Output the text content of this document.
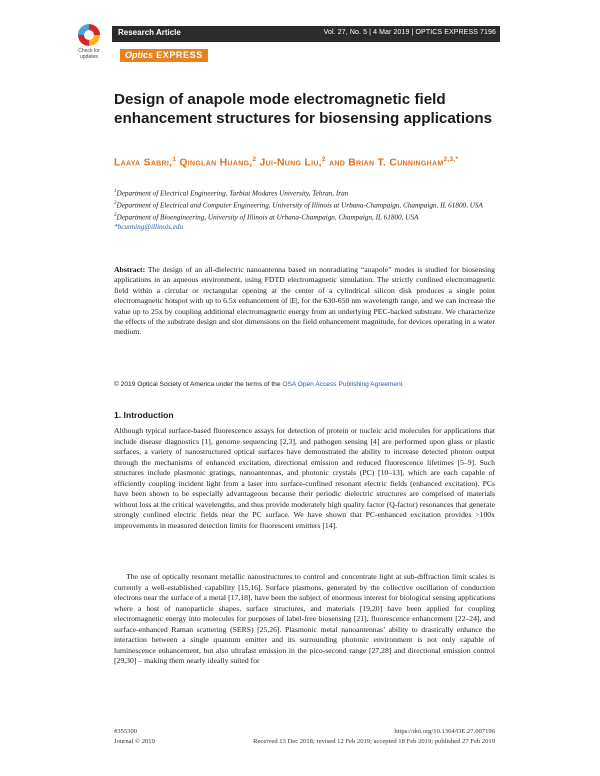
Check for updates
Research Article	Vol. 27, No. 5 | 4 Mar 2019 | OPTICS EXPRESS 7196
Optics EXPRESS
Design of anapole mode electromagnetic field enhancement structures for biosensing applications
Laaya Sabri,$^1$ Qinglan Huang,$^2$ Jui-Nung Liu,$^2$ and Brian T. Cunningham$^{2,3,*}$

$^1$Department of Electrical Engineering, Tarbiat Modares University, Tehran, Iran

$^2$Department of Electrical and Computer Engineering, University of Illinois at Urbana-Champaign, Champaign, IL 61800, USA

$^3$Department of Bioengineering, University of Illinois at Urbana-Champaign, Champaign, IL 61800, USA

*bcunning@illinois.edu

Abstract: The design of an all-dielectric nanoantenna based on nonradiating “anapole” modes is studied for biosensing applications in an aqueous environment, using FDTD electromagnetic simulation. The strictly confined electromagnetic field within a circular or rectangular opening at the center of a cylindrical silicon disk produces a single point electromagnetic hotspot with up to 6.5x enhancement of |E|, for the 630-650 nm wavelength range, and we can increase the value up to 25x by coupling additional electromagnetic energy from an underlying PEC-backed substrate. We characterize the effects of the substrate design and slot dimensions on the field enhancement magnitude, for devices operating in a water medium.
© 2019 Optical Society of America under the terms of the OSA Open Access Publishing Agreement
1. Introduction
Although typical surface-based fluorescence assays for detection of protein or nucleic acid molecules for applications that include disease diagnostics [1], genome sequencing [2,3], and pathogen sensing [4] are performed upon glass or plastic surfaces, a variety of nanostructured optical surfaces have demonstrated the ability to increase detected photon output through the mechanisms of enhanced excitation, directional emission and reduced fluorescence lifetimes [5–9]. Such structures include plasmonic gratings, nanoantennas, and photonic crystals (PC) [10–13], which are each capable of efficiently coupling incident light from a laser into surface-confined resonant electric fields (enhanced excitation). PCs have been shown to be especially advantageous because their periodic dielectric structures are comprised of materials without loss at the critical wavelengths, and thus provide moderately high quality factor (Q-factor) resonances that generate strongly confined electric fields near the PC surface. We have shown that PC-enhanced excitation provides >100x improvements in measured detection limits for fluorescent emitters [14].
The use of optically resonant metallic nanostructures to control and concentrate light at sub-diffraction limit scales is currently a well-established capability [15,16]. Surface plasmons, generated by the collective oscillation of conduction electrons near the surface of a metal [17,18], have been the subject of enormous interest for biological sensing applications where a host of nanoparticle shapes, surface structures, and materials [19,20] have been applied for coupling electromagnetic energy into molecules for purposes of label-free biosensing [21], fluorescence enhancement [22–24], and surface-enhanced Raman scattering (SERS) [25,26]. Plasmonic metal nanoantennas’ ability to drastically enhance the interaction between a single quantum emitter and its surrounding photonic environment is not only capable of luminescence enhancement, but also ultrafast emission in the pico-second range [27,28] and directional emission control [29,30] – making them nearly ideally suited for
#355300	https://doi.org/10.1364/OE.27.007196
Journal © 2019	Received 13 Dec 2018; revised 12 Feb 2019; accepted 18 Feb 2019; published 27 Feb 2019
